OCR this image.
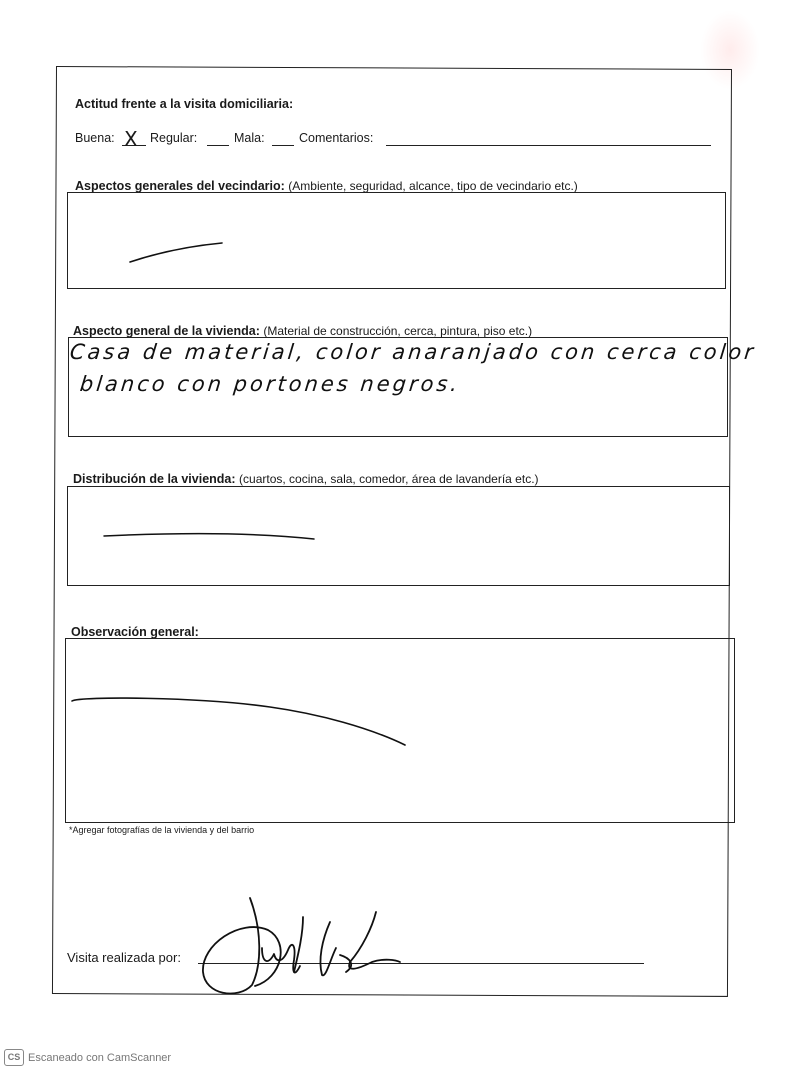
Actitud frente a la visita domiciliaria:
Buena: X Regular:	Mala:	Comentarios:
Aspectos generales del vecindario: (Ambiente, seguridad, alcance, tipo de vecindario etc.)
Aspecto general de la vivienda: (Material de construcción, cerca, pintura, piso etc.)
Casa de material, color anaranjado con cerca color
blanco con portones negros.
Distribución de la vivienda: (cuartos, cocina, sala, comedor, área de lavandería etc.)
Observación general:
*Agregar fotografías de la vivienda y del barrio
Visita realizada por:
CS Escaneado con CamScanner
